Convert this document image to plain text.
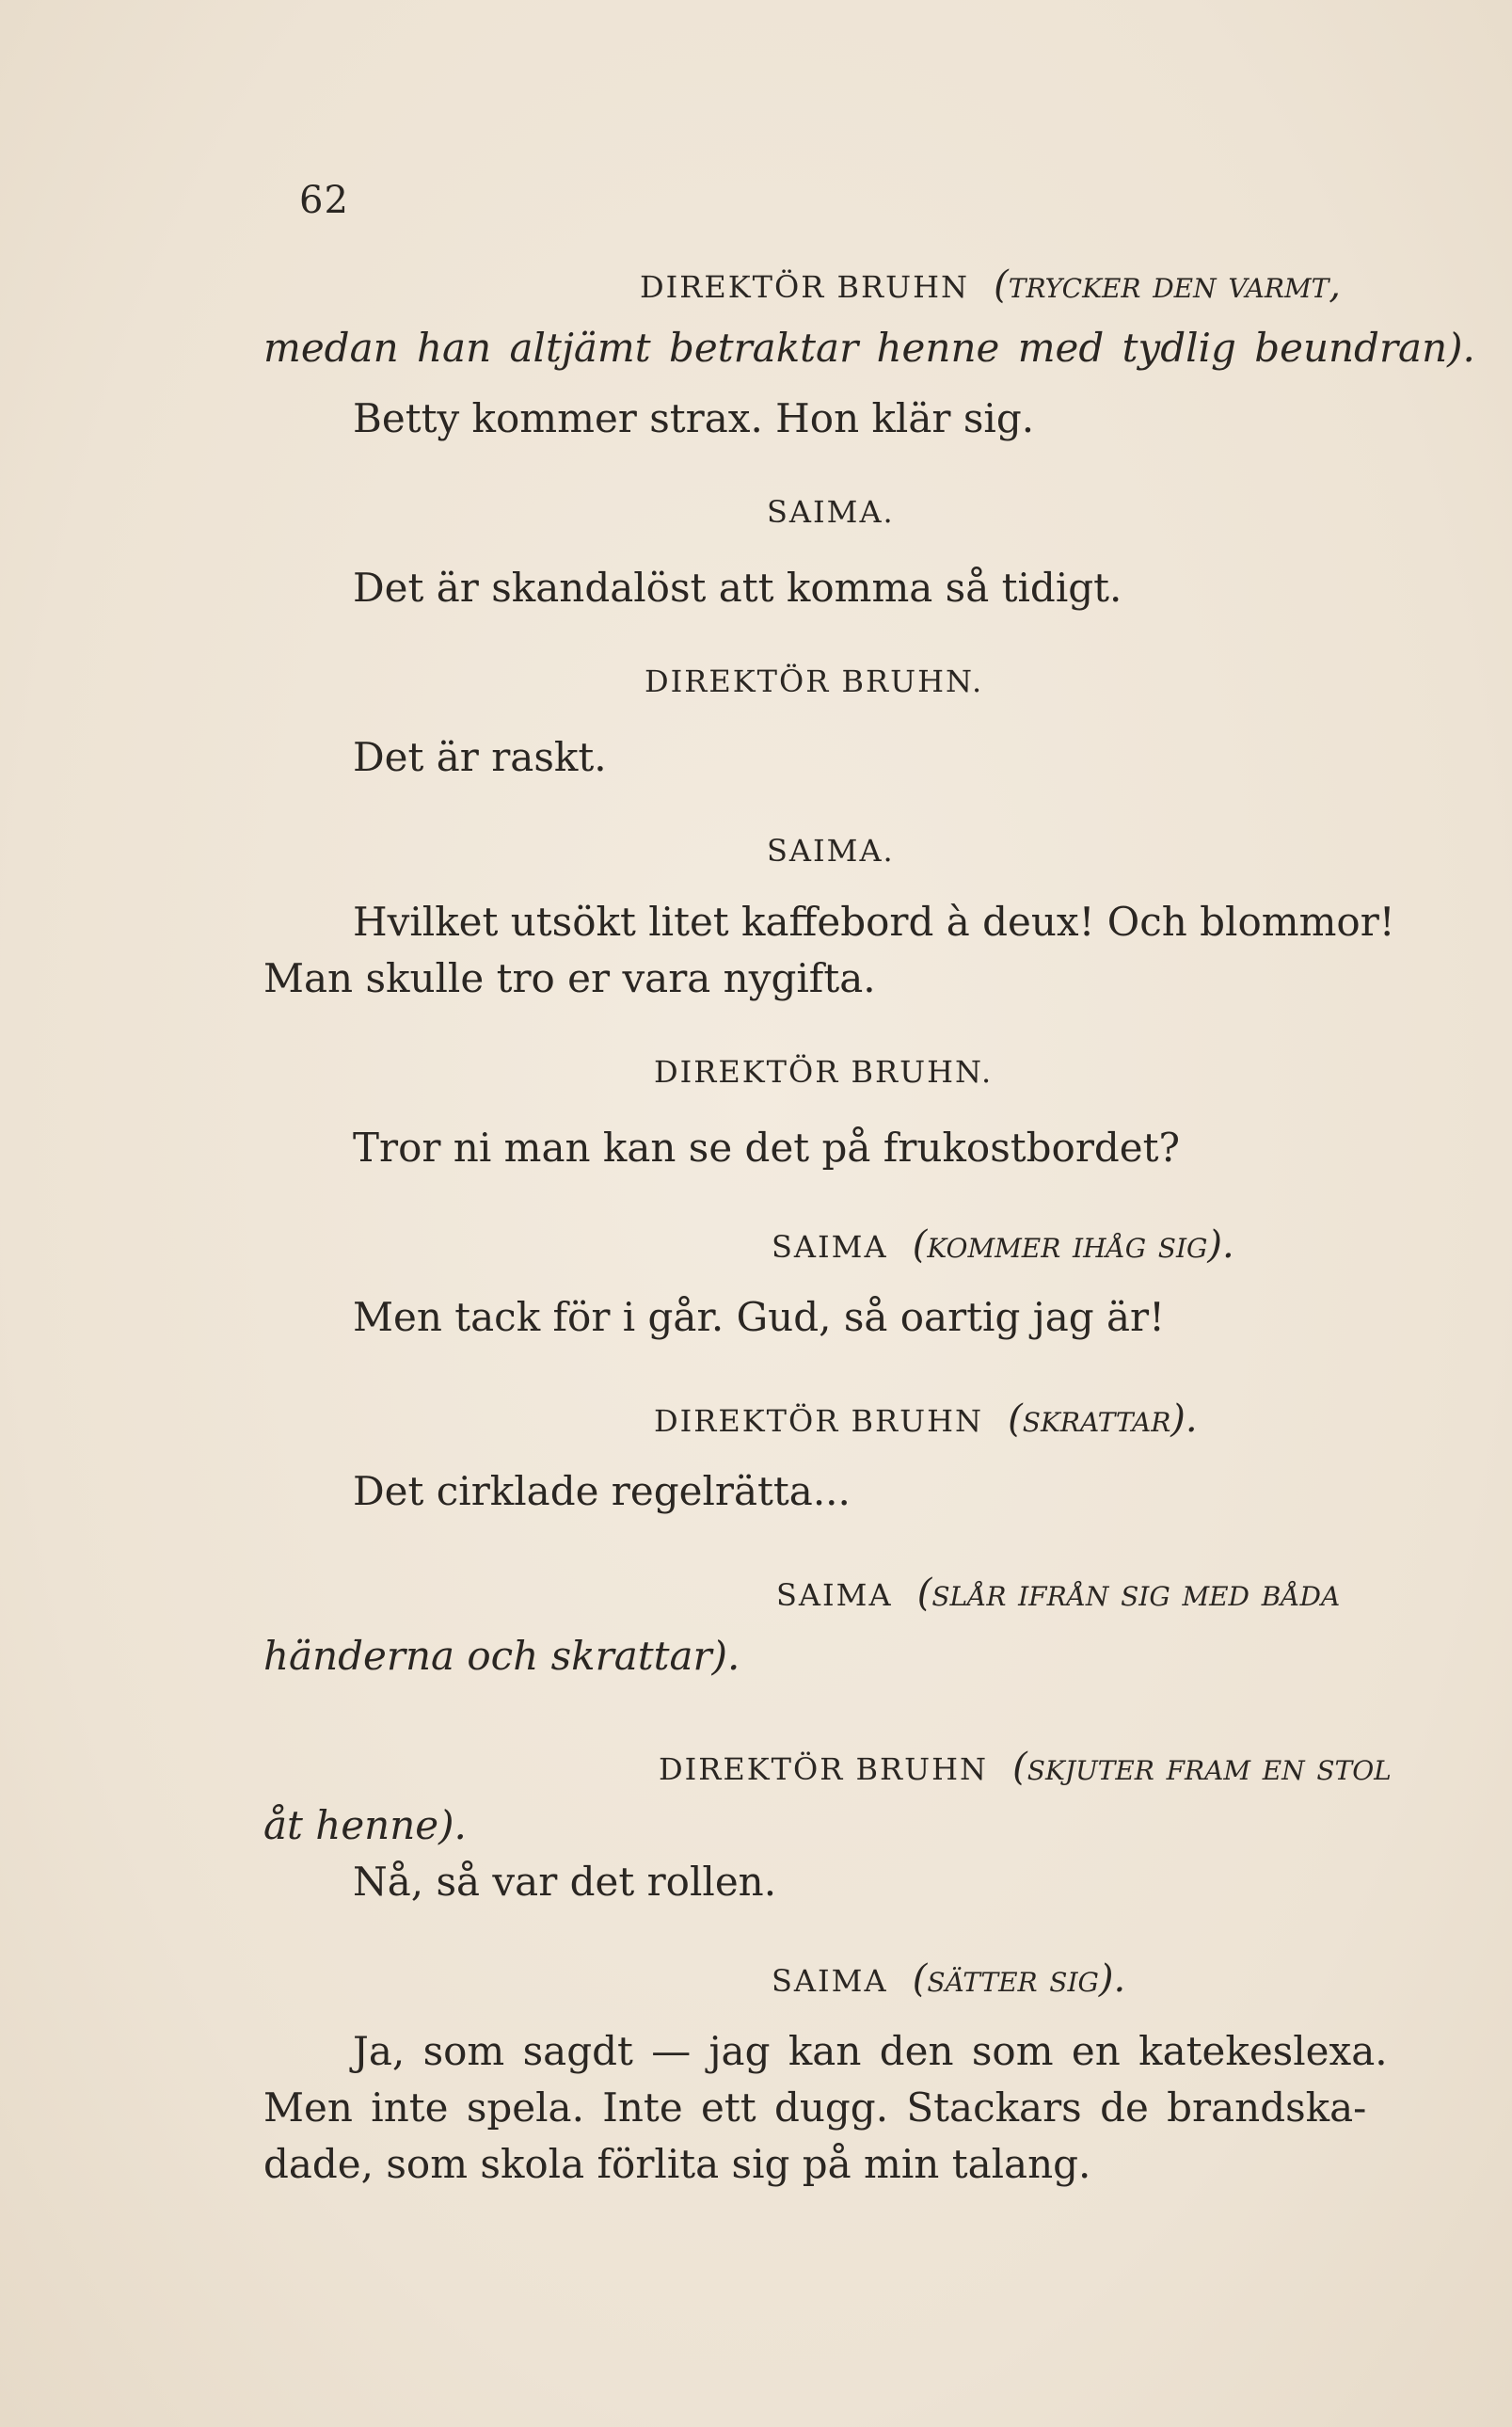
62
DIREKTÖR BRUHN (trycker den varmt,
medan han altjämt betraktar henne med tydlig beundran).
Betty kommer strax. Hon klär sig.
SAIMA.
Det är skandalöst att komma så tidigt.
DIREKTÖR BRUHN.
Det är raskt.
SAIMA.
Hvilket utsökt litet kaffebord à deux! Och blommor!
Man skulle tro er vara nygifta.
DIREKTÖR BRUHN.
Tror ni man kan se det på frukostbordet?
SAIMA (kommer ihåg sig).
Men tack för i går. Gud, så oartig jag är!
DIREKTÖR BRUHN (skrattar).
Det cirklade regelrätta...
SAIMA (slår ifrån sig med båda
händerna och skrattar).
DIREKTÖR BRUHN (skjuter fram en stol
åt henne).
Nå, så var det rollen.
SAIMA (sätter sig).
Ja, som sagdt — jag kan den som en katekeslexa.
Men inte spela. Inte ett dugg. Stackars de brandska-
dade, som skola förlita sig på min talang.
